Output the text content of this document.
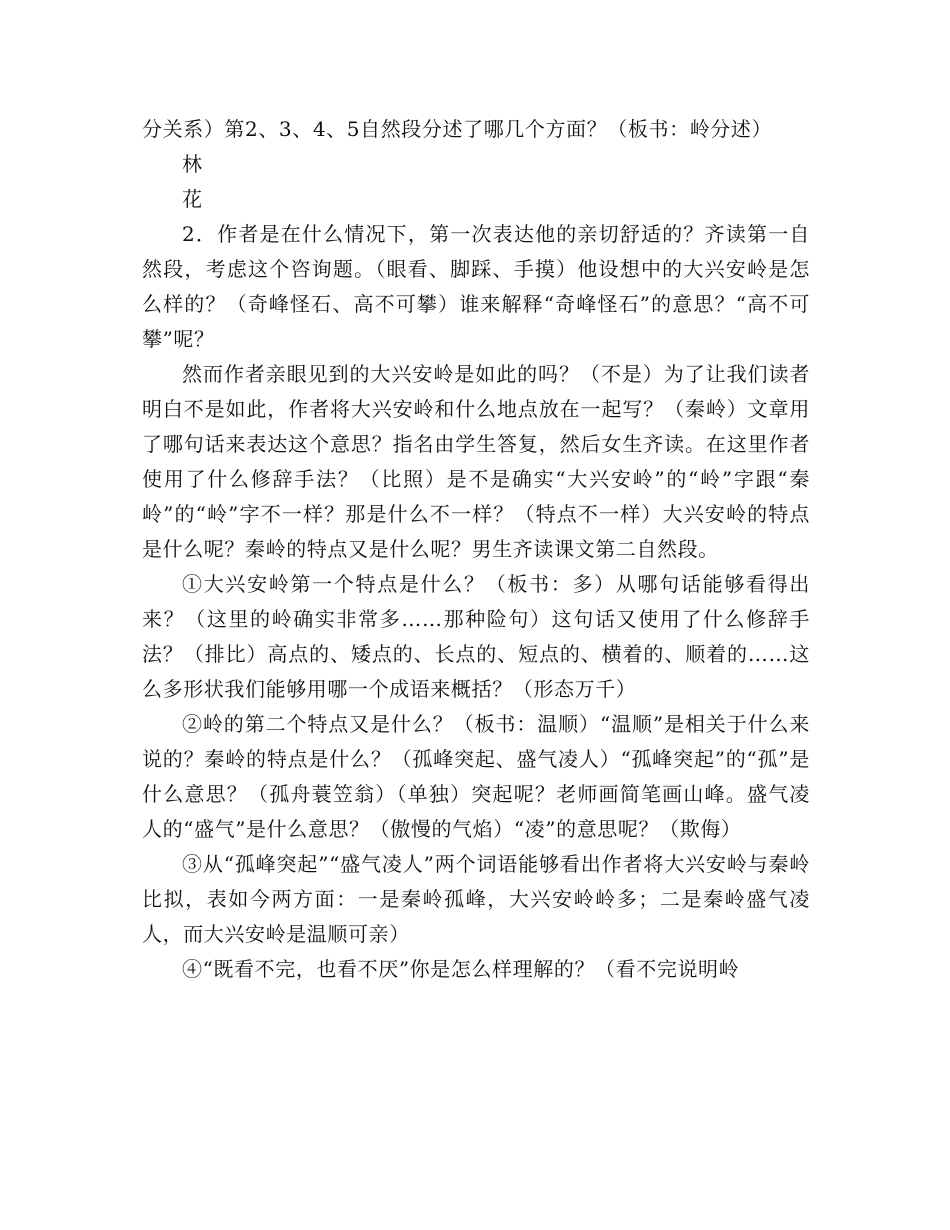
分关系）第2、3、4、5自然段分述了哪几个方面？（板书：岭分述）

林

花

2．作者是在什么情况下，第一次表达他的亲切舒适的？齐读第一自然段，考虑这个咨询题。（眼看、脚踩、手摸）他设想中的大兴安岭是怎么样的？（奇峰怪石、高不可攀）谁来解释“奇峰怪石”的意思？“高不可攀”呢？

然而作者亲眼见到的大兴安岭是如此的吗？（不是）为了让我们读者明白不是如此，作者将大兴安岭和什么地点放在一起写？（秦岭）文章用了哪句话来表达这个意思？指名由学生答复，然后女生齐读。在这里作者使用了什么修辞手法？（比照）是不是确实“大兴安岭”的“岭”字跟“秦岭”的“岭”字不一样？那是什么不一样？（特点不一样）大兴安岭的特点是什么呢？秦岭的特点又是什么呢？男生齐读课文第二自然段。

①大兴安岭第一个特点是什么？（板书：多）从哪句话能够看得出来？（这里的岭确实非常多……那种险句）这句话又使用了什么修辞手法？（排比）高点的、矮点的、长点的、短点的、横着的、顺着的……这么多形状我们能够用哪一个成语来概括？（形态万千）

②岭的第二个特点又是什么？（板书：温顺）“温顺”是相关于什么来说的？秦岭的特点是什么？（孤峰突起、盛气凌人）“孤峰突起”的“孤”是什么意思？（孤舟蓑笠翁）（单独）突起呢？老师画简笔画山峰。盛气凌人的“盛气”是什么意思？（傲慢的气焰）“凌”的意思呢？（欺侮）

③从“孤峰突起”“盛气凌人”两个词语能够看出作者将大兴安岭与秦岭比拟，表如今两方面：一是秦岭孤峰，大兴安岭岭多；二是秦岭盛气凌人，而大兴安岭是温顺可亲）

④“既看不完，也看不厌”你是怎么样理解的？（看不完说明岭
